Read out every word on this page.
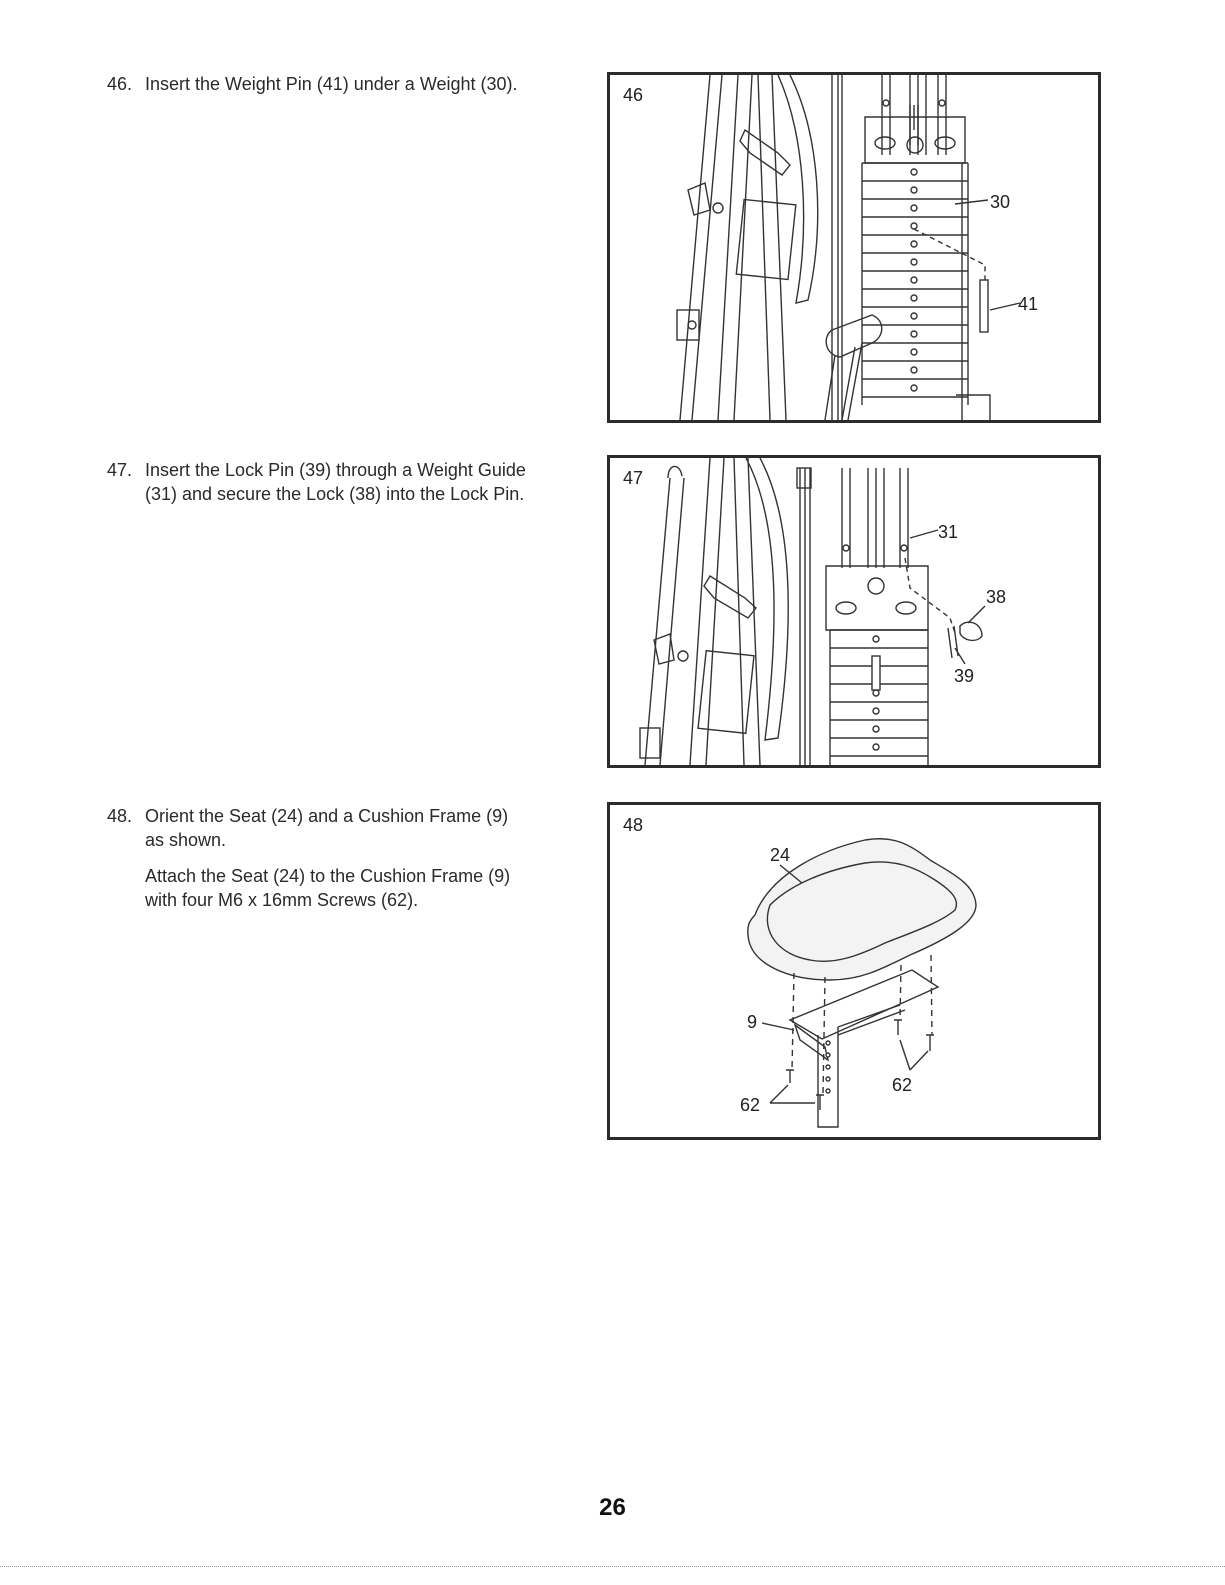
46. Insert the Weight Pin (41) under a Weight (30).

47. Insert the Lock Pin (39) through a Weight Guide

(31) and secure the Lock (38) into the Lock Pin.

48. Orient the Seat (24) and a Cushion Frame (9)

as shown.

Attach the Seat (24) to the Cushion Frame (9)

with four M6 x 16mm Screws (62).

30
41
46
31
38
39
47
24
9
62
62
48
26
